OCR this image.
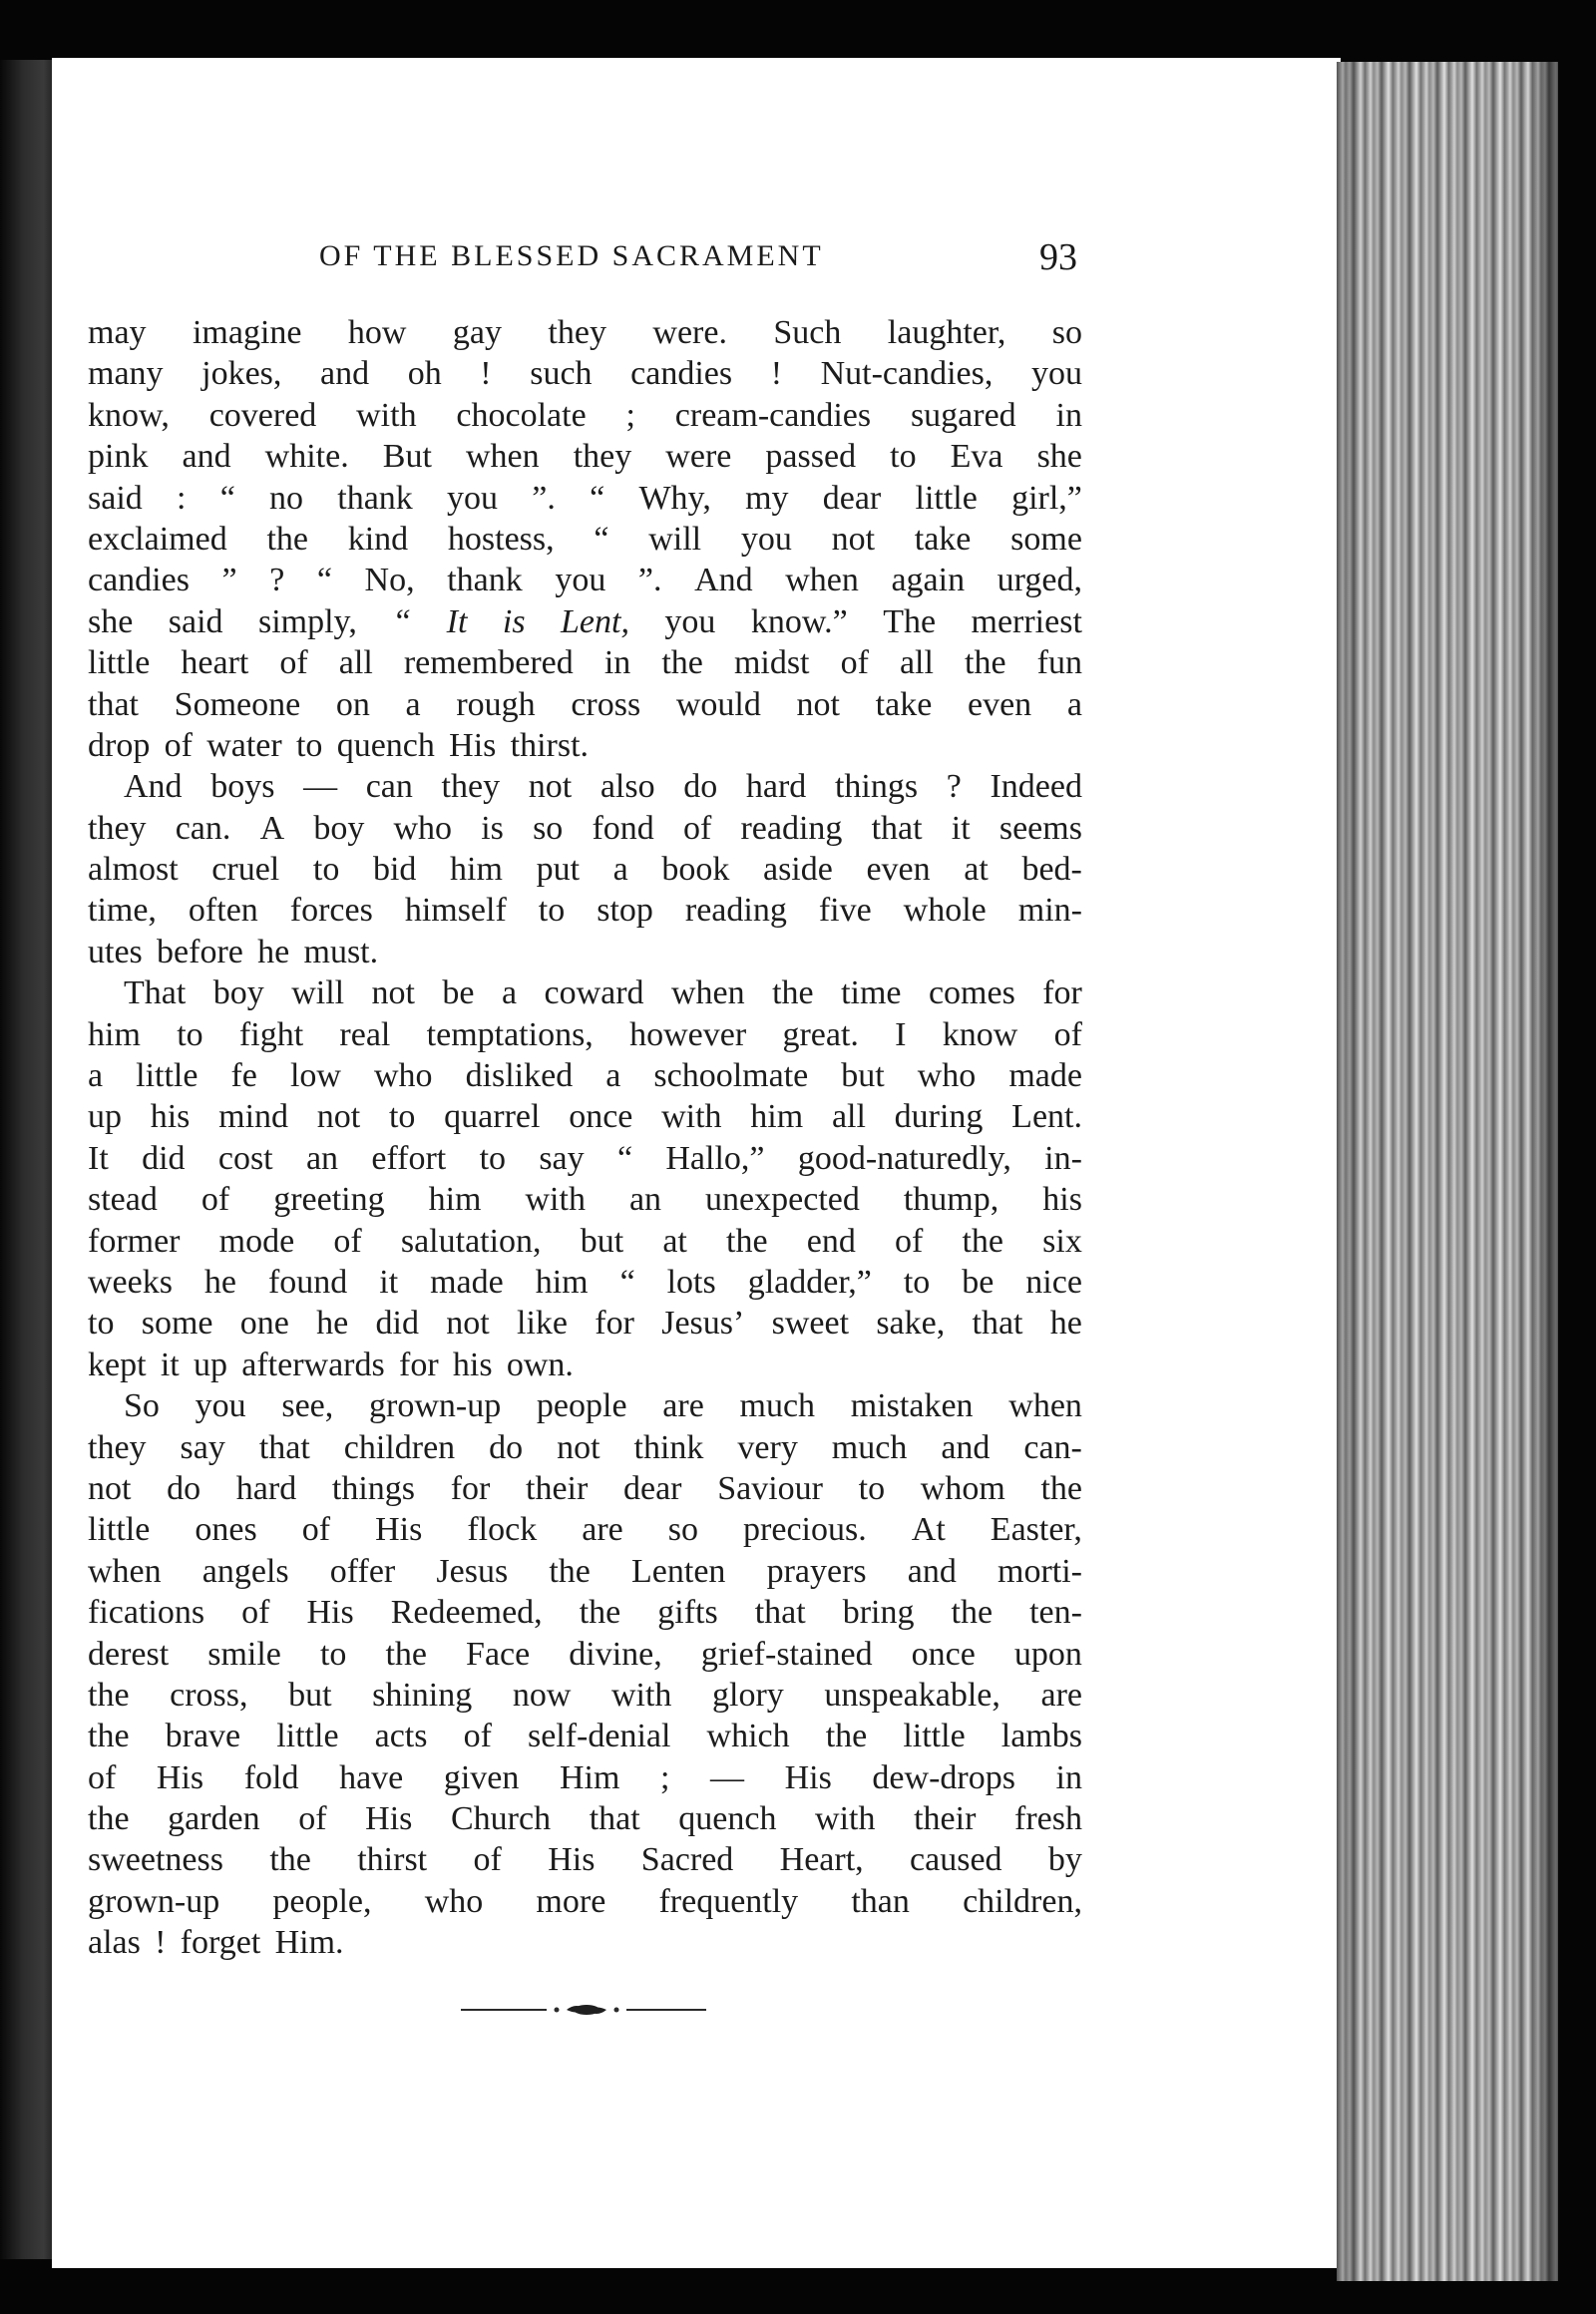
OF THE BLESSED SACRAMENT	93
may imagine how gay they were. Such laughter, so
many jokes, and oh ! such candies ! Nut-candies, you
know, covered with chocolate ; cream-candies sugared in
pink and white. But when they were passed to Eva she
said : “ no thank you ”. “ Why, my dear little girl,”
exclaimed the kind hostess, “ will you not take some
candies ” ? “ No, thank you ”. And when again urged,
she said simply, “ It is Lent, you know.” The merriest
little heart of all remembered in the midst of all the fun
that Someone on a rough cross would not take even a
drop of water to quench His thirst.
And boys — can they not also do hard things ? Indeed
they can. A boy who is so fond of reading that it seems
almost cruel to bid him put a book aside even at bed-
time, often forces himself to stop reading five whole min-
utes before he must.
That boy will not be a coward when the time comes for
him to fight real temptations, however great. I know of
a little fe low who disliked a schoolmate but who made
up his mind not to quarrel once with him all during Lent.
It did cost an effort to say “ Hallo,” good-naturedly, in-
stead of greeting him with an unexpected thump, his
former mode of salutation, but at the end of the six
weeks he found it made him “ lots gladder,” to be nice
to some one he did not like for Jesus’ sweet sake, that he
kept it up afterwards for his own.
So you see, grown-up people are much mistaken when
they say that children do not think very much and can-
not do hard things for their dear Saviour to whom the
little ones of His flock are so precious. At Easter,
when angels offer Jesus the Lenten prayers and morti-
fications of His Redeemed, the gifts that bring the ten-
derest smile to the Face divine, grief-stained once upon
the cross, but shining now with glory unspeakable, are
the brave little acts of self-denial which the little lambs
of His fold have given Him ; — His dew-drops in
the garden of His Church that quench with their fresh
sweetness the thirst of His Sacred Heart, caused by
grown-up people, who more frequently than children,
alas ! forget Him.
